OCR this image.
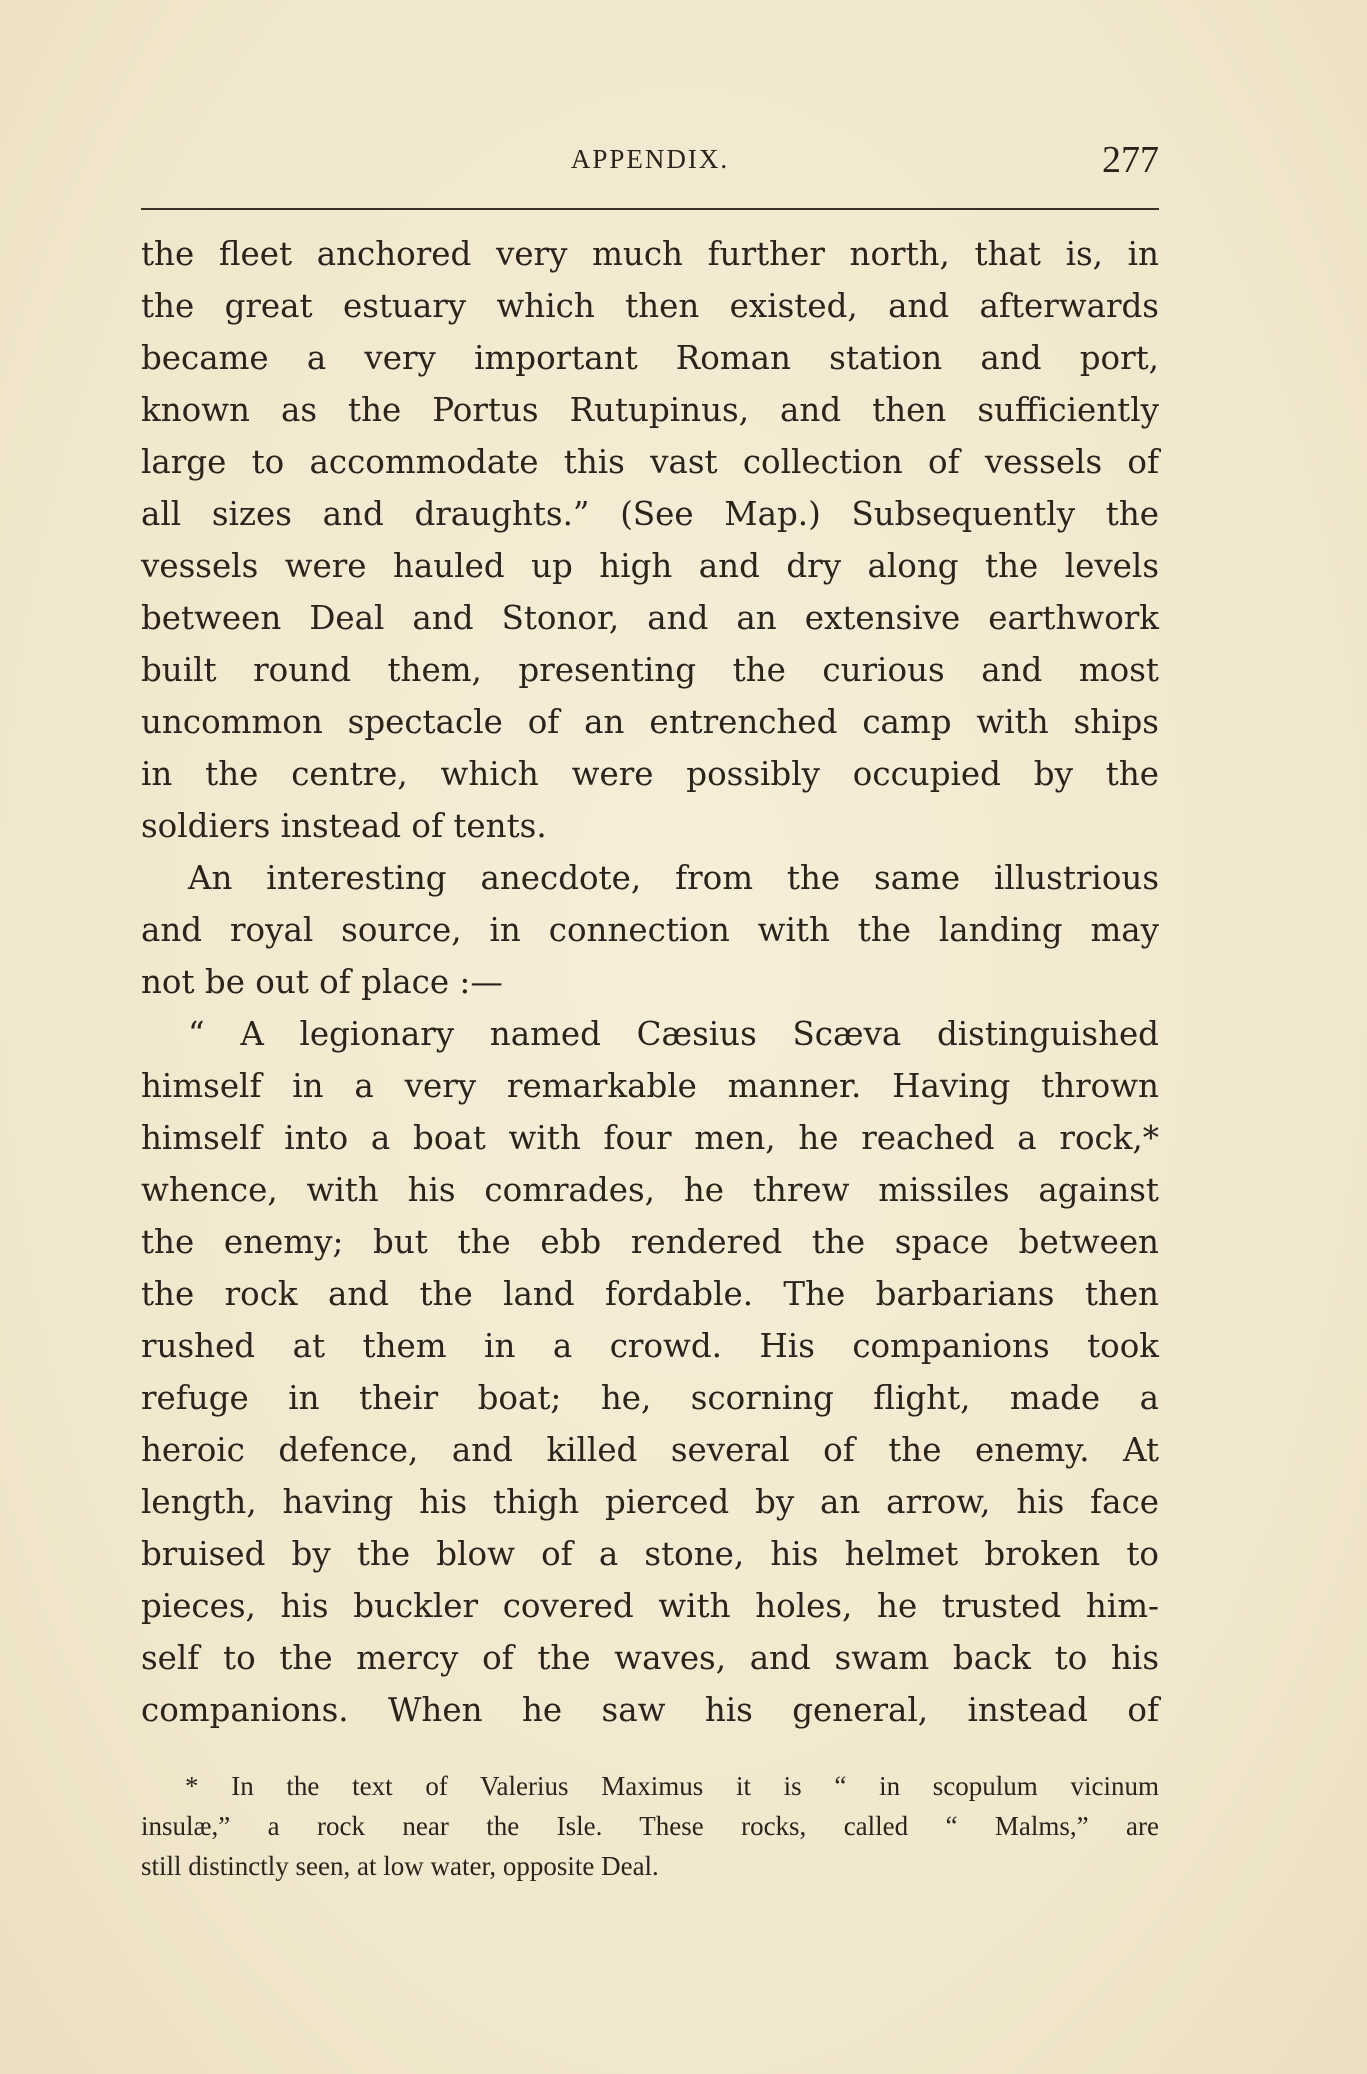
APPENDIX.	277
the fleet anchored very much further north, that is, in
the great estuary which then existed, and afterwards
became a very important Roman station and port,
known as the Portus Rutupinus, and then sufficiently
large to accommodate this vast collection of vessels of
all sizes and draughts.” (See Map.) Subsequently the
vessels were hauled up high and dry along the levels
between Deal and Stonor, and an extensive earthwork
built round them, presenting the curious and most
uncommon spectacle of an entrenched camp with ships
in the centre, which were possibly occupied by the
soldiers instead of tents.
An interesting anecdote, from the same illustrious
and royal source, in connection with the landing may
not be out of place :—
“ A legionary named Cæsius Scæva distinguished
himself in a very remarkable manner. Having thrown
himself into a boat with four men, he reached a rock,*
whence, with his comrades, he threw missiles against
the enemy; but the ebb rendered the space between
the rock and the land fordable. The barbarians then
rushed at them in a crowd. His companions took
refuge in their boat; he, scorning flight, made a
heroic defence, and killed several of the enemy. At
length, having his thigh pierced by an arrow, his face
bruised by the blow of a stone, his helmet broken to
pieces, his buckler covered with holes, he trusted him-
self to the mercy of the waves, and swam back to his
companions. When he saw his general, instead of
* In the text of Valerius Maximus it is “ in scopulum vicinum
insulæ,” a rock near the Isle. These rocks, called “ Malms,” are
still distinctly seen, at low water, opposite Deal.
